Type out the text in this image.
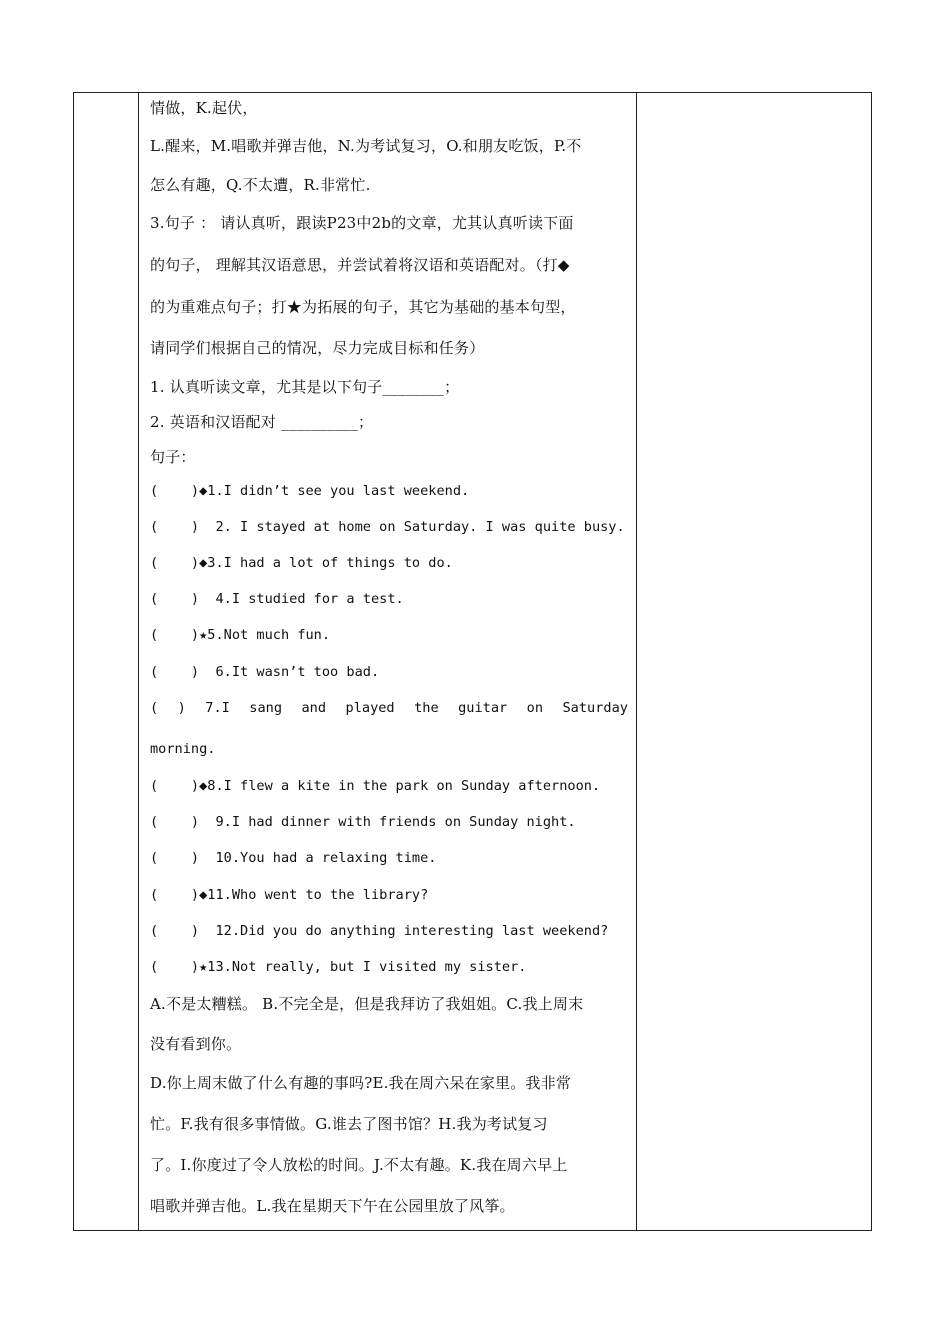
情做，K.起伏，
L.醒来，M.唱歌并弹吉他，N.为考试复习，O.和朋友吃饭，P.不
怎么有趣，Q.不太遭，R.非常忙.
3.句子 ： 请认真听，跟读P23中2b的文章，尤其认真听读下面
的句子， 理解其汉语意思，并尝试着将汉语和英语配对。（打◆
的为重难点句子；打★为拓展的句子，其它为基础的基本句型，
请同学们根据自己的情况，尽力完成目标和任务）
1. 认真听读文章，尤其是以下句子________；
2. 英语和汉语配对 __________；
句子：
(    )◆1.I didn’t see you last weekend.
(    )  2. I stayed at home on Saturday. I was quite busy.
(    )◆3.I had a lot of things to do.
(    )  4.I studied for a test.
(    )★5.Not much fun.
(    )  6.It wasn’t too bad.
( ) 7.I sang and played the guitar on Saturday
morning.
(    )◆8.I flew a kite in the park on Sunday afternoon.
(    )  9.I had dinner with friends on Sunday night.
(    )  10.You had a relaxing time.
(    )◆11.Who went to the library?
(    )  12.Did you do anything interesting last weekend?
(    )★13.Not really, but I visited my sister.
A.不是太糟糕。 B.不完全是，但是我拜访了我姐姐。C.我上周末
没有看到你。
D.你上周末做了什么有趣的事吗?E.我在周六呆在家里。我非常
忙。F.我有很多事情做。G.谁去了图书馆？H.我为考试复习
了。I.你度过了令人放松的时间。J.不太有趣。K.我在周六早上
唱歌并弹吉他。L.我在星期天下午在公园里放了风筝。
